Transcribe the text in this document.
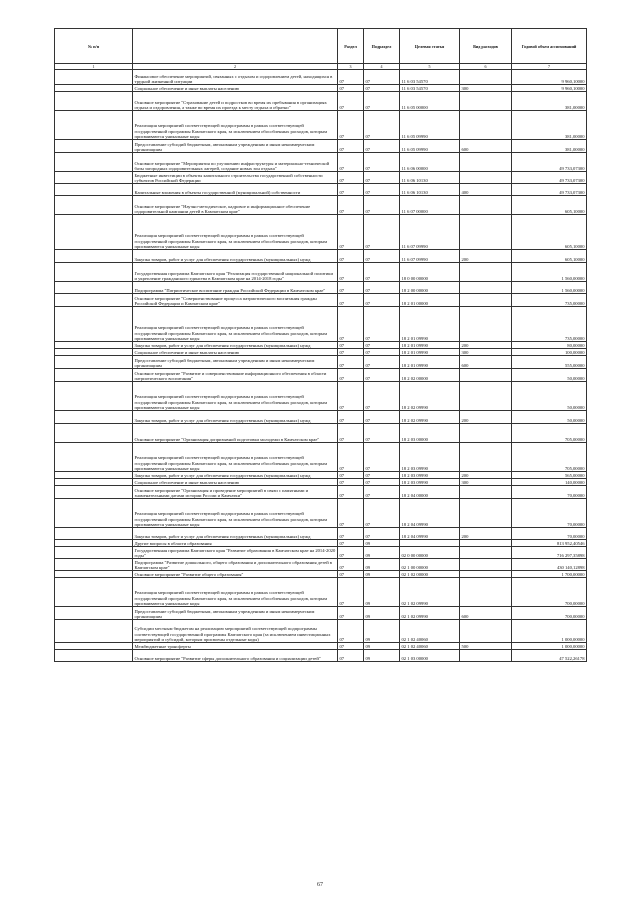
№ п/п		Раздел	Подраздел	Целевая статья	Вид расходов	Годовой объем ассигнований
1	2	3	4	5	6	7
	Финансовое обеспечение мероприятий, связанных с отдыхом и оздоровлением детей, находящихся в трудной жизненной ситуации	07	07	11 6 03 54570		9 960,10000
	Социальное обеспечение и иные выплаты населению	07	07	11 6 03 54570	300	9 960,10000
	Основное мероприятие "Страхование детей и подростков во время их пребывания в организациях отдыха и оздоровления, а также во время их проезда к месту отдыха и обратно"	07	07	11 6 05 00000		381,00000
	Реализация мероприятий соответствующей подпрограммы в рамках соответствующей государственной программы Камчатского края, за исключением обособленных расходов, которым присваиваются уникальные коды	07	07	11 6 05 09990		381,00000
	Предоставление субсидий бюджетным, автономным учреждениям и иным некоммерческим организациям	07	07	11 6 05 09990	600	381,00000
	Основное мероприятие "Мероприятия по улучшению инфраструктуры и материально-технической базы загородных оздоровительных лагерей, создание новых зон отдыха"	07	07	11 6 06 00000		49 733,07300
	Бюджетные инвестиции в объекты капитального строительства государственной собственности субъектов Российской Федерации	07	07	11 6 06 10130		49 733,07300
	Капитальные вложения в объекты государственной (муниципальной) собственности	07	07	11 6 06 10130	400	49 733,07300
	Основное мероприятие "Научно-методическое, кадровое и информационное обеспечение оздоровительной кампании детей в Камчатском крае"	07	07	11 6 07 00000		605,10000
	Реализация мероприятий соответствующей подпрограммы в рамках соответствующей государственной программы Камчатского края, за исключением обособленных расходов, которым присваиваются уникальные коды	07	07	11 6 07 09990		605,10000
	Закупка товаров, работ и услуг для обеспечения государственных (муниципальных) нужд	07	07	11 6 07 09990	200	605,10000
	Государственная программа Камчатского края "Реализация государственной национальной политики и укрепление гражданского единства в Камчатском крае на 2014-2018 годы"	07	07	18 0 00 00000		1 560,00000
	Подпрограмма "Патриотическое воспитание граждан Российской Федерации в Камчатском крае"	07	07	18 2 00 00000		1 560,00000
	Основное мероприятие "Совершенствование процесса патриотического воспитания граждан Российской Федерации и Камчатском крае"	07	07	18 2 01 00000		735,00000
	Реализация мероприятий соответствующей подпрограммы в рамках соответствующей государственной программы Камчатского края, за исключением обособленных расходов, которым присваиваются уникальные коды	07	07	18 2 01 09990		735,00000
	Закупка товаров, работ и услуг для обеспечения государственных (муниципальных) нужд	07	07	18 2 01 09990	200	80,00000
	Социальное обеспечение и иные выплаты населению	07	07	18 2 01 09990	300	100,00000
	Предоставление субсидий бюджетным, автономным учреждениям и иным некоммерческим организациям	07	07	18 2 01 09990	600	555,00000
	Основное мероприятие "Развитие и совершенствование информационного обеспечения в области патриотического воспитания"	07	07	18 2 02 00000		50,00000
	Реализация мероприятий соответствующей подпрограммы в рамках соответствующей государственной программы Камчатского края, за исключением обособленных расходов, которым присваиваются уникальные коды	07	07	18 2 02 09990		50,00000
	Закупка товаров, работ и услуг для обеспечения государственных (муниципальных) нужд	07	07	18 2 02 09990	200	50,00000
	Основное мероприятие "Организация допризывной подготовки молодежи в Камчатском крае"	07	07	18 2 03 00000		705,00000
	Реализация мероприятий соответствующей подпрограммы в рамках соответствующей государственной программы Камчатского края, за исключением обособленных расходов, которым присваиваются уникальные коды	07	07	18 2 03 09990		705,00000
	Закупка товаров, работ и услуг для обеспечения государственных (муниципальных) нужд	07	07	18 2 03 09990	200	565,00000
	Социальное обеспечение и иные выплаты населению	07	07	18 2 03 09990	300	140,00000
	Основное мероприятие "Организация и проведение мероприятий в связи с памятными и знаменательными датами истории России и Камчатки"	07	07	18 2 04 00000		70,00000
	Реализация мероприятий соответствующей подпрограммы в рамках соответствующей государственной программы Камчатского края, за исключением обособленных расходов, которым присваиваются уникальные коды	07	07	18 2 04 09990		70,00000
	Закупка товаров, работ и услуг для обеспечения государственных (муниципальных) нужд	07	07	18 2 04 09990	200	70,00000
	Другие вопросы в области образования	07	09			813 952,40546
	Государственная программа Камчатского края "Развитие образования в Камчатском крае на 2014-2020 годы"	07	09	02 0 00 00000		716 297,35898
	Подпрограмма "Развитие дошкольного, общего образования и дополнительного образования детей в Камчатском крае"	07	09	02 1 00 00000		430 140,12898
	Основное мероприятие "Развитие общего образования"	07	09	02 1 02 00000		1 700,00000
	Реализация мероприятий соответствующей подпрограммы в рамках соответствующей государственной программы Камчатского края, за исключением обособленных расходов, которым присваиваются уникальные коды	07	09	02 1 02 09990		700,00000
	Предоставление субсидий бюджетным, автономным учреждениям и иным некоммерческим организациям	07	09	02 1 02 09990	600	700,00000
	Субсидии местным бюджетам на реализацию мероприятий соответствующей подпрограммы соответствующей государственной программы Камчатского края (за исключением инвестиционных мероприятий и субсидий, которым присвоены отдельные коды)	07	09	02 1 02 40060		1 000,00000
	Межбюджетные трансферты	07	09	02 1 02 40060	500	1 000,00000
	Основное мероприятие "Развитие сферы дополнительного образования и социализации детей"	07	09	02 1 03 00000		47 522,26178
67
